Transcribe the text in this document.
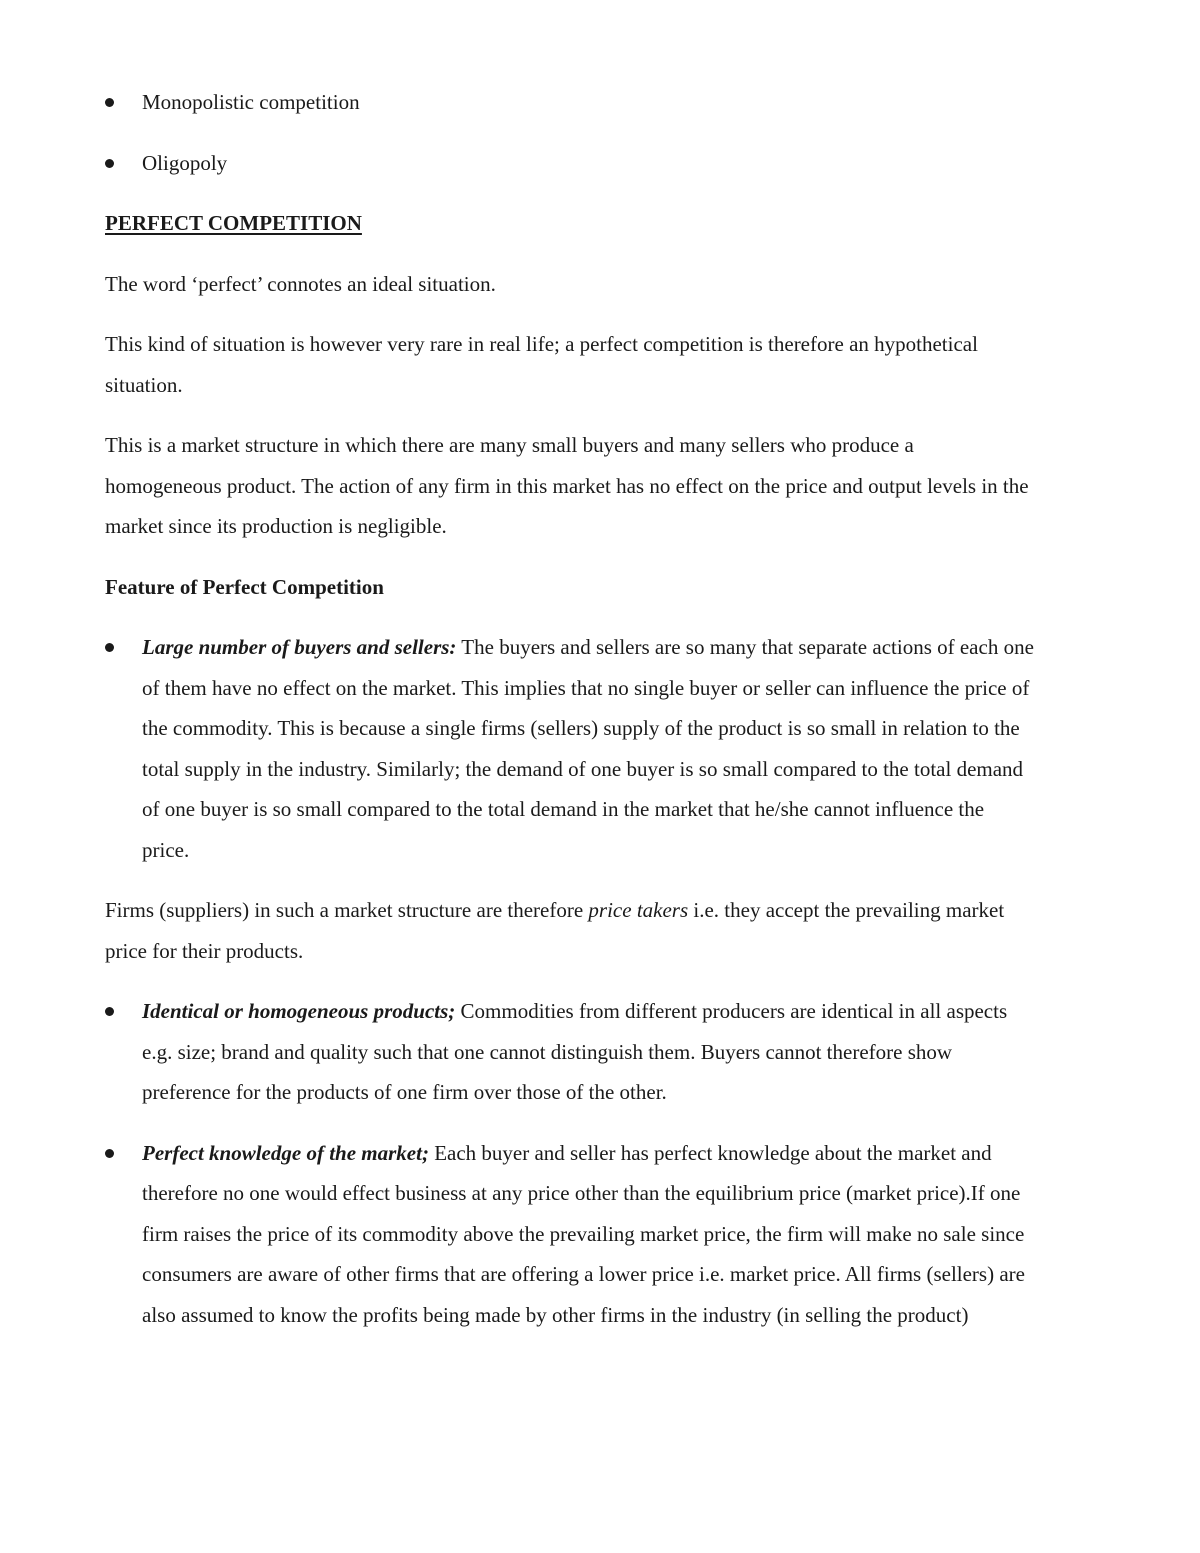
Monopolistic competition
Oligopoly

PERFECT COMPETITION

The word ‘perfect’ connotes an ideal situation.

This kind of situation is however very rare in real life; a perfect competition is therefore an hypothetical situation.

This is a market structure in which there are many small buyers and many sellers who produce a homogeneous product. The action of any firm in this market has no effect on the price and output levels in the market since its production is negligible.

Feature of Perfect Competition

Large number of buyers and sellers: The buyers and sellers are so many that separate actions of each one of them have no effect on the market. This implies that no single buyer or seller can influence the price of the commodity. This is because a single firms (sellers) supply of the product is so small in relation to the total supply in the industry. Similarly; the demand of one buyer is so small compared to the total demand of one buyer is so small compared to the total demand in the market that he/she cannot influence the price.

Firms (suppliers) in such a market structure are therefore price takers i.e. they accept the prevailing market price for their products.

Identical or homogeneous products; Commodities from different producers are identical in all aspects e.g. size; brand and quality such that one cannot distinguish them. Buyers cannot therefore show preference for the products of one firm over those of the other.
Perfect knowledge of the market; Each buyer and seller has perfect knowledge about the market and therefore no one would effect business at any price other than the equilibrium price (market price).If one firm raises the price of its commodity above the prevailing market price, the firm will make no sale since consumers are aware of other firms that are offering a lower price i.e. market price. All firms (sellers) are also assumed to know the profits being made by other firms in the industry (in selling the product)
